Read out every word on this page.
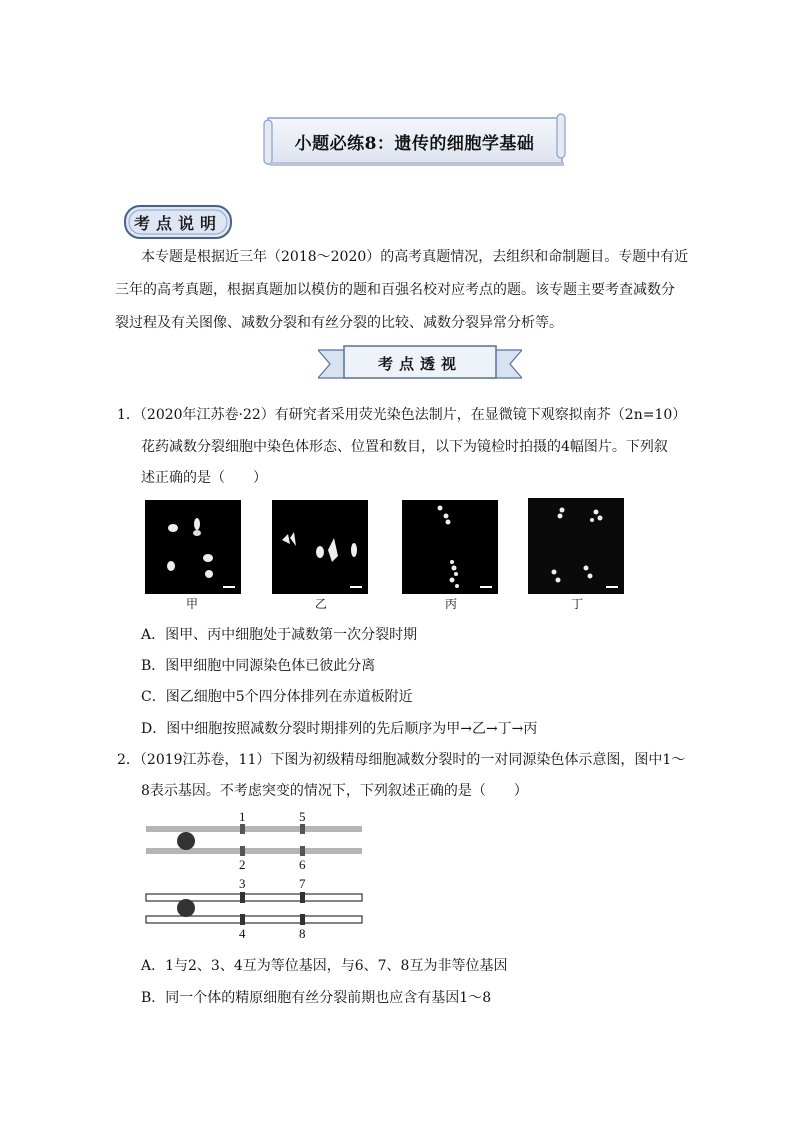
小题必练8：遗传的细胞学基础
考点说明
本专题是根据近三年（2018～2020）的高考真题情况，去组织和命制题目。专题中有近
三年的高考真题，根据真题加以模仿的题和百强名校对应考点的题。该专题主要考查减数分
裂过程及有关图像、减数分裂和有丝分裂的比较、减数分裂异常分析等。
考点透视
1．（2020年江苏卷·22）有研究者采用荧光染色法制片，在显微镜下观察拟南芥（2n=10）
花药减数分裂细胞中染色体形态、位置和数目，以下为镜检时拍摄的4幅图片。下列叙
述正确的是（　　）
甲	乙	丙	丁
A．图甲、丙中细胞处于减数第一次分裂时期
B．图甲细胞中同源染色体已彼此分离
C．图乙细胞中5个四分体排列在赤道板附近
D．图中细胞按照减数分裂时期排列的先后顺序为甲→乙→丁→丙
2．（2019江苏卷，11）下图为初级精母细胞减数分裂时的一对同源染色体示意图，图中1～
8表示基因。不考虑突变的情况下，下列叙述正确的是（　　）
1	5
2	6
3	7
4	8
A．1与2、3、4互为等位基因，与6、7、8互为非等位基因
B．同一个体的精原细胞有丝分裂前期也应含有基因1～8
